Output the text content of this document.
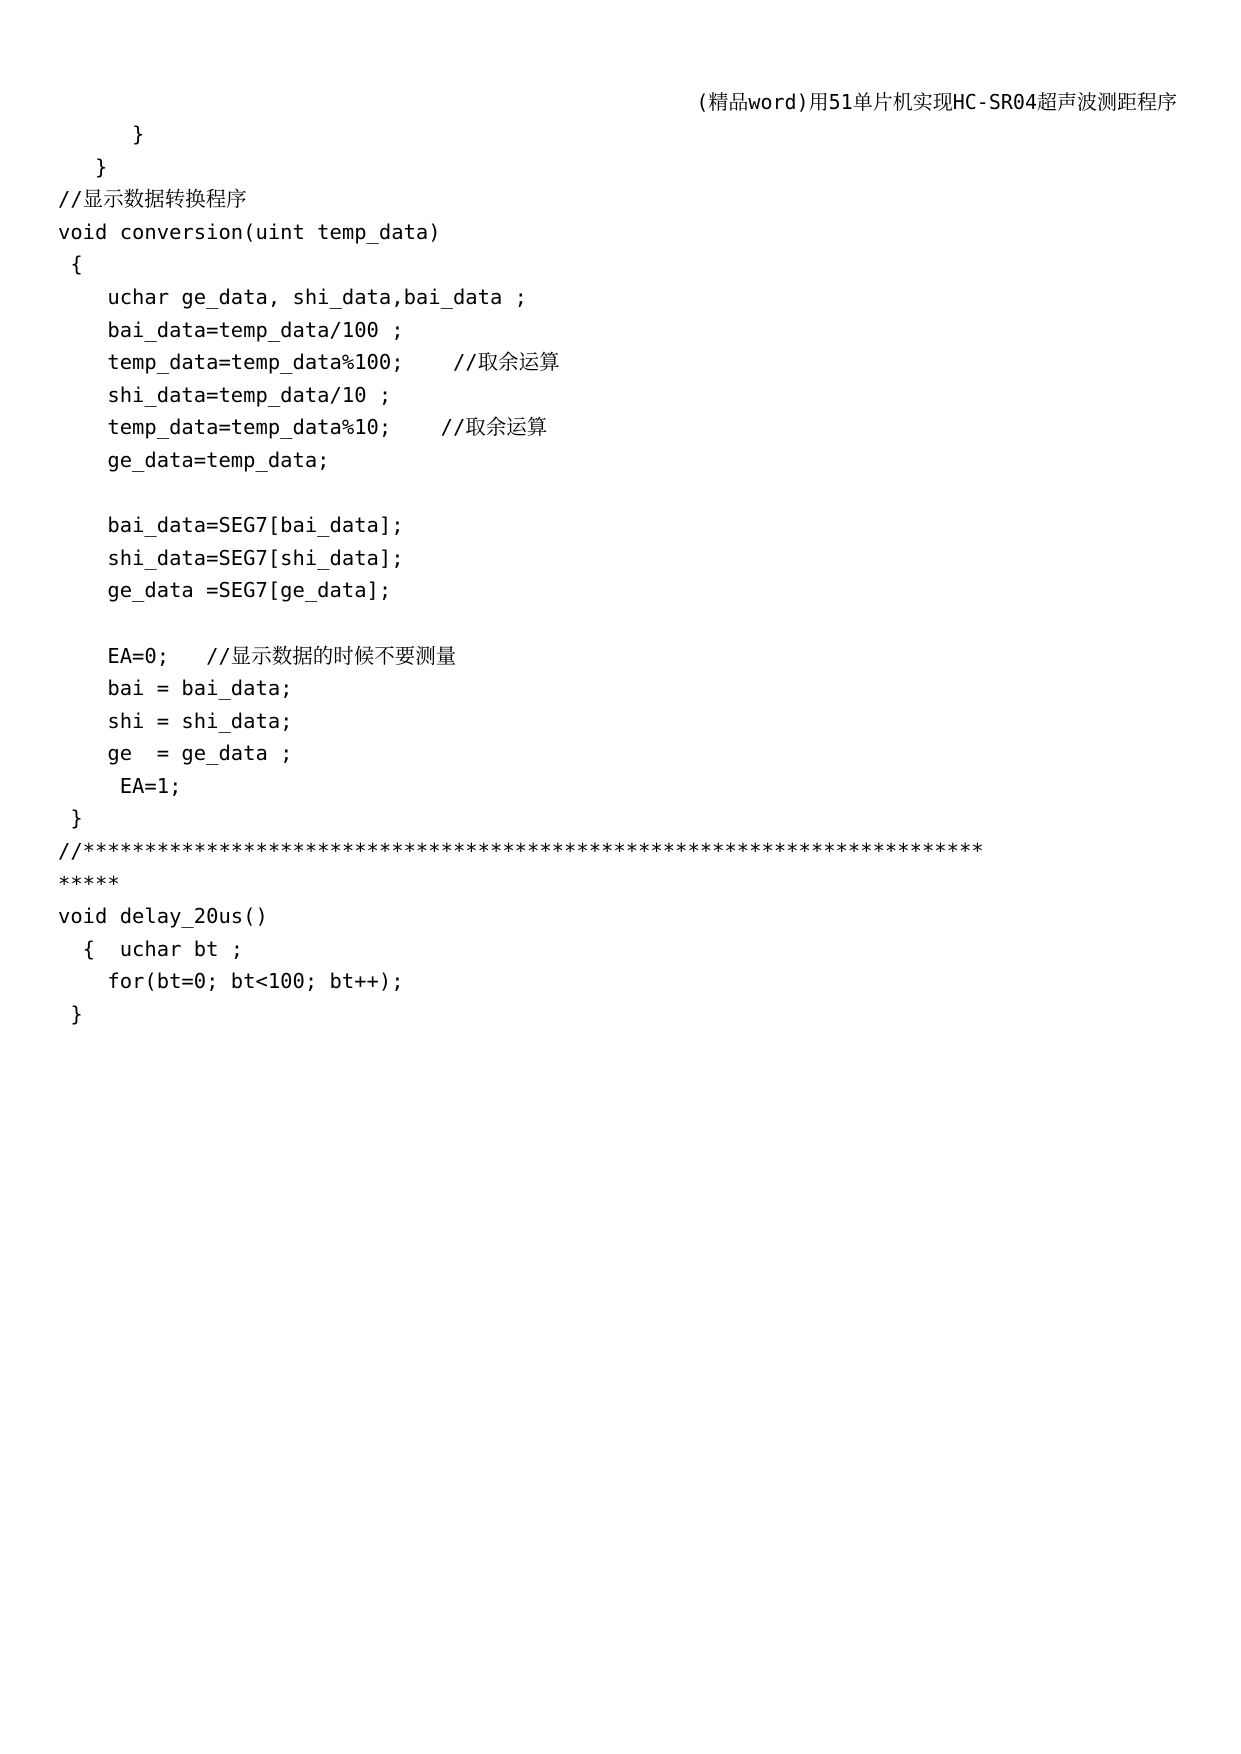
(精品word)用51单片机实现HC-SR04超声波测距程序
}
}
//显示数据转换程序
void conversion(uint temp_data)
{
uchar ge_data, shi_data,bai_data ;
bai_data=temp_data/100 ;
temp_data=temp_data%100;    //取余运算
shi_data=temp_data/10 ;
temp_data=temp_data%10;    //取余运算
ge_data=temp_data;
bai_data=SEG7[bai_data];
shi_data=SEG7[shi_data];
ge_data =SEG7[ge_data];
EA=0;   //显示数据的时候不要测量
bai = bai_data;
shi = shi_data;
ge  = ge_data ;
EA=1;
}
//*************************************************************************
*****
void delay_20us()
{  uchar bt ;
for(bt=0; bt<100; bt++);
}
